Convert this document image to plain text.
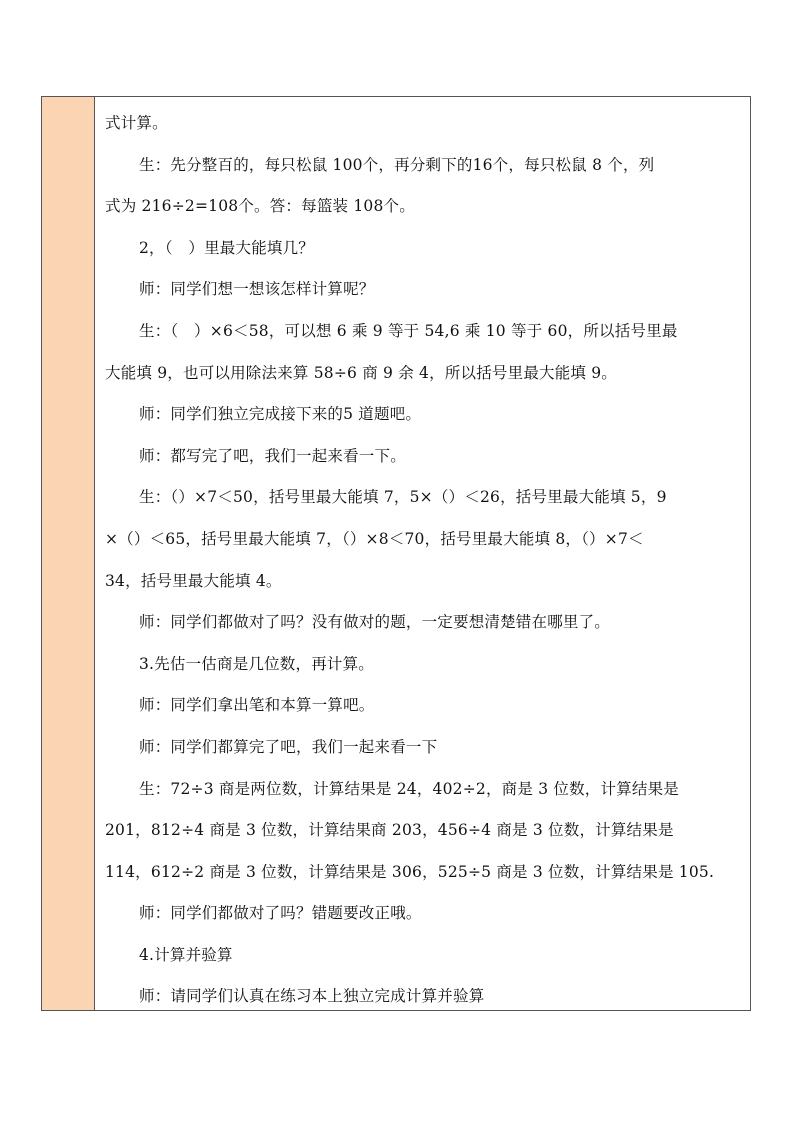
式计算。
生：先分整百的，每只松鼠 100个，再分剩下的16个，每只松鼠 8 个，列
式为 216÷2=108个。答：每篮装 108个。
2，（　）里最大能填几？
师：同学们想一想该怎样计算呢？
生：（　）×6＜58，可以想 6 乘 9 等于 54,6 乘 10 等于 60，所以括号里最
大能填 9，也可以用除法来算 58÷6 商 9 余 4，所以括号里最大能填 9。
师：同学们独立完成接下来的5 道题吧。
师：都写完了吧，我们一起来看一下。
生：（）×7＜50，括号里最大能填 7，5×（）＜26，括号里最大能填 5，9
×（）＜65，括号里最大能填 7，（）×8＜70，括号里最大能填 8，（）×7＜
34，括号里最大能填 4。
师：同学们都做对了吗？没有做对的题，一定要想清楚错在哪里了。
3.先估一估商是几位数，再计算。
师：同学们拿出笔和本算一算吧。
师：同学们都算完了吧，我们一起来看一下
生：72÷3 商是两位数，计算结果是 24，402÷2，商是 3 位数，计算结果是
201，812÷4 商是 3 位数，计算结果商 203，456÷4 商是 3 位数，计算结果是
114，612÷2 商是 3 位数，计算结果是 306，525÷5 商是 3 位数，计算结果是 105.
师：同学们都做对了吗？错题要改正哦。
4.计算并验算
师：请同学们认真在练习本上独立完成计算并验算
